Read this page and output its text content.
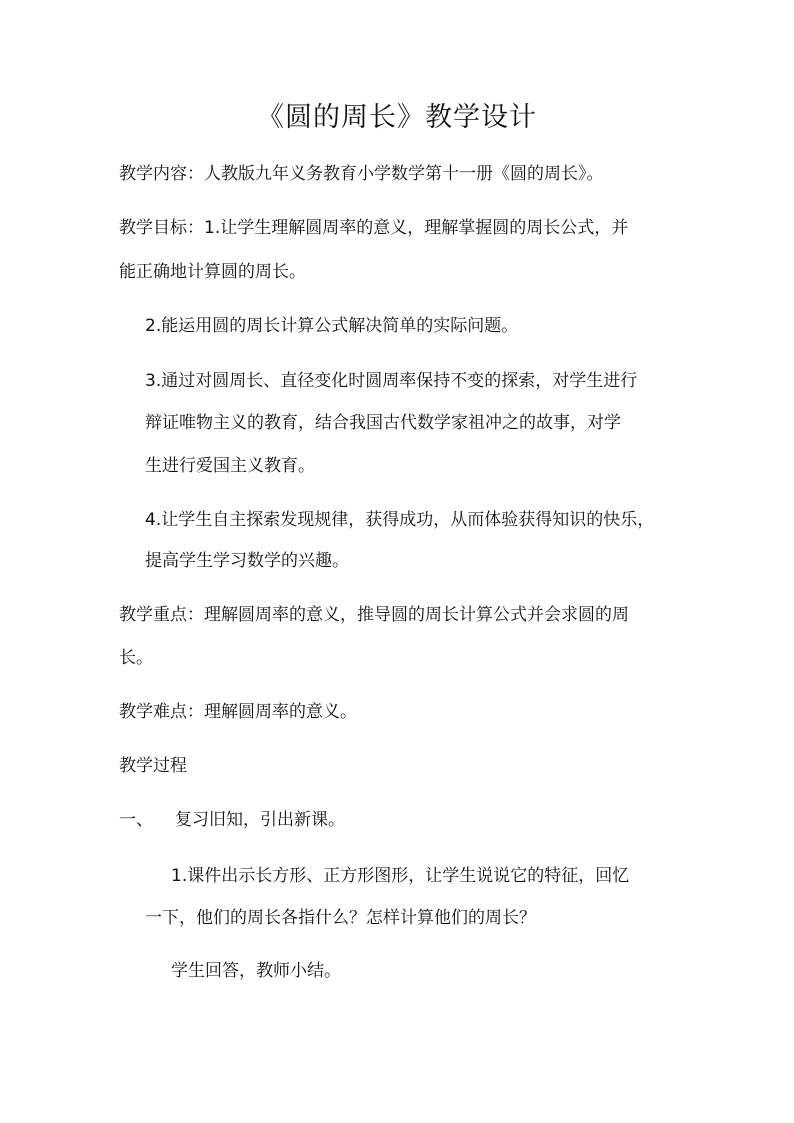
《圆的周长》教学设计
教学内容：人教版九年义务教育小学数学第十一册《圆的周长》。
教学目标：1.让学生理解圆周率的意义，理解掌握圆的周长公式，并
能正确地计算圆的周长。
2.能运用圆的周长计算公式解决简单的实际问题。
3.通过对圆周长、直径变化时圆周率保持不变的探索，对学生进行
辩证唯物主义的教育，结合我国古代数学家祖冲之的故事，对学
生进行爱国主义教育。
4.让学生自主探索发现规律，获得成功，从而体验获得知识的快乐，
提高学生学习数学的兴趣。
教学重点：理解圆周率的意义，推导圆的周长计算公式并会求圆的周
长。
教学难点：理解圆周率的意义。
教学过程
一、 复习旧知，引出新课。
1.课件出示长方形、正方形图形，让学生说说它的特征，回忆
一下，他们的周长各指什么？怎样计算他们的周长？
学生回答，教师小结。
